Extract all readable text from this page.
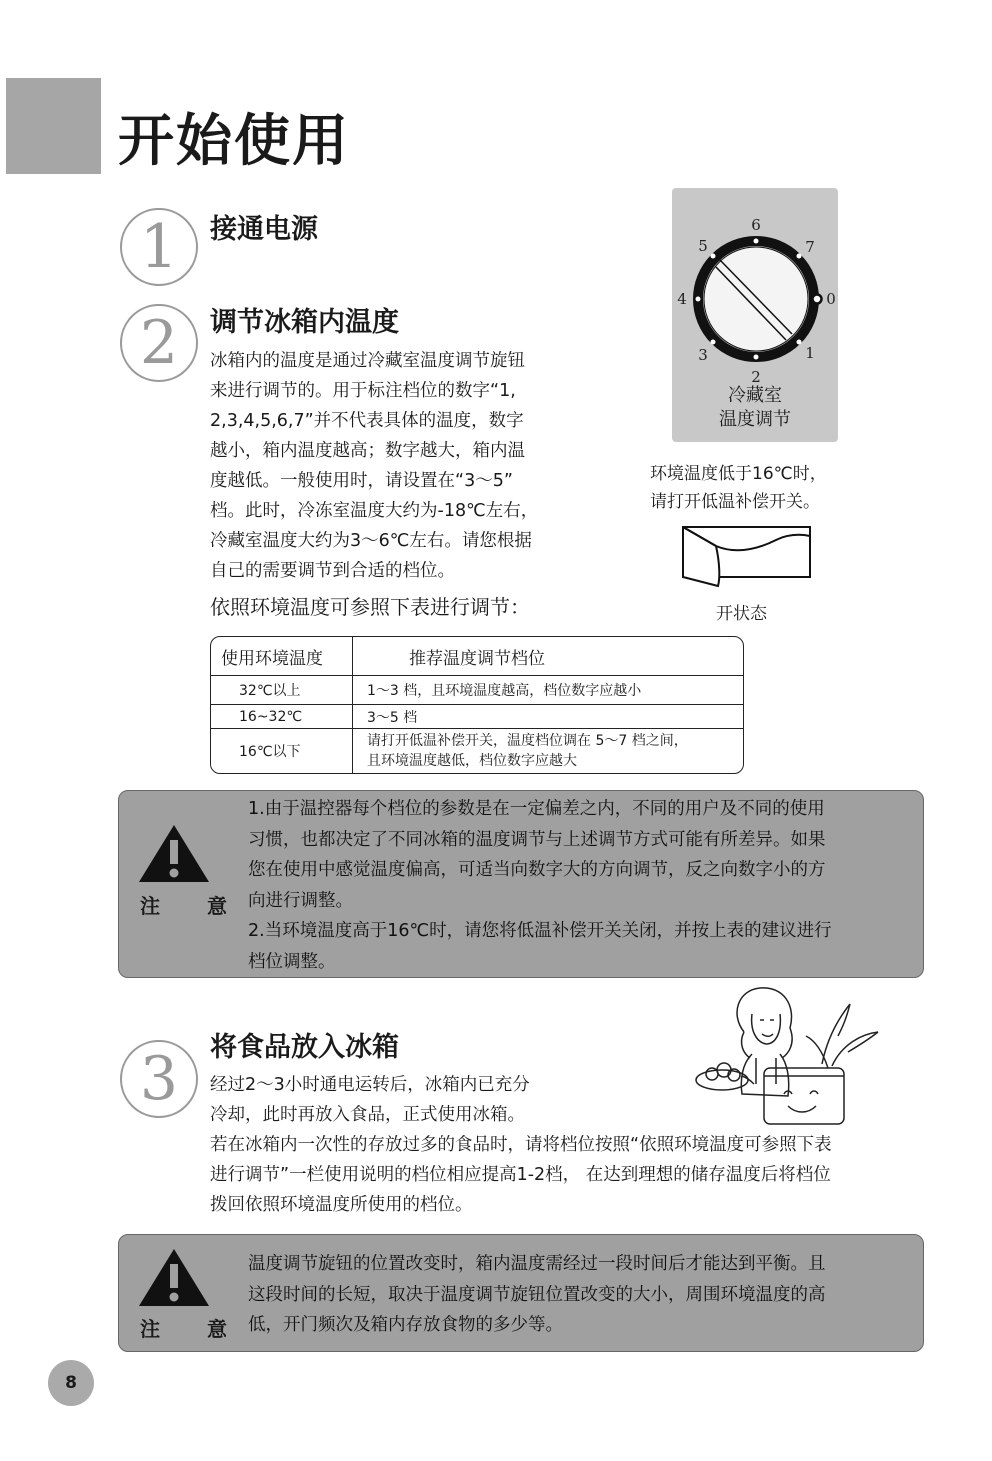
开始使用
1	接通电源
2	调节冰箱内温度
冰箱内的温度是通过冷藏室温度调节旋钮
来进行调节的。用于标注档位的数字“1,
2,3,4,5,6,7”并不代表具体的温度，数字
越小，箱内温度越高；数字越大，箱内温
度越低。一般使用时，请设置在“3～5”
档。此时，冷冻室温度大约为-18℃左右，
冷藏室温度大约为3～6℃左右。请您根据
自己的需要调节到合适的档位。
依照环境温度可参照下表进行调节：
6
5	7
4	0
3	1
2
冷藏室
温度调节
环境温度低于16℃时，
请打开低温补偿开关。
开状态
使用环境温度	推荐温度调节档位
32℃以上	1～3 档，且环境温度越高，档位数字应越小
16~32℃	3～5 档
16℃以下	请打开低温补偿开关，温度档位调在 5～7 档之间，
且环境温度越低，档位数字应越大
注 意
1.由于温控器每个档位的参数是在一定偏差之内，不同的用户及不同的使用
习惯，也都决定了不同冰箱的温度调节与上述调节方式可能有所差异。如果
您在使用中感觉温度偏高，可适当向数字大的方向调节，反之向数字小的方
向进行调整。
2.当环境温度高于16℃时，请您将低温补偿开关关闭，并按上表的建议进行
档位调整。
3	将食品放入冰箱
经过2～3小时通电运转后，冰箱内已充分
冷却，此时再放入食品，正式使用冰箱。
若在冰箱内一次性的存放过多的食品时，请将档位按照“依照环境温度可参照下表
进行调节”一栏使用说明的档位相应提高1-2档， 在达到理想的储存温度后将档位
拨回依照环境温度所使用的档位。
注 意
温度调节旋钮的位置改变时，箱内温度需经过一段时间后才能达到平衡。且
这段时间的长短，取决于温度调节旋钮位置改变的大小，周围环境温度的高
低，开门频次及箱内存放食物的多少等。
8
